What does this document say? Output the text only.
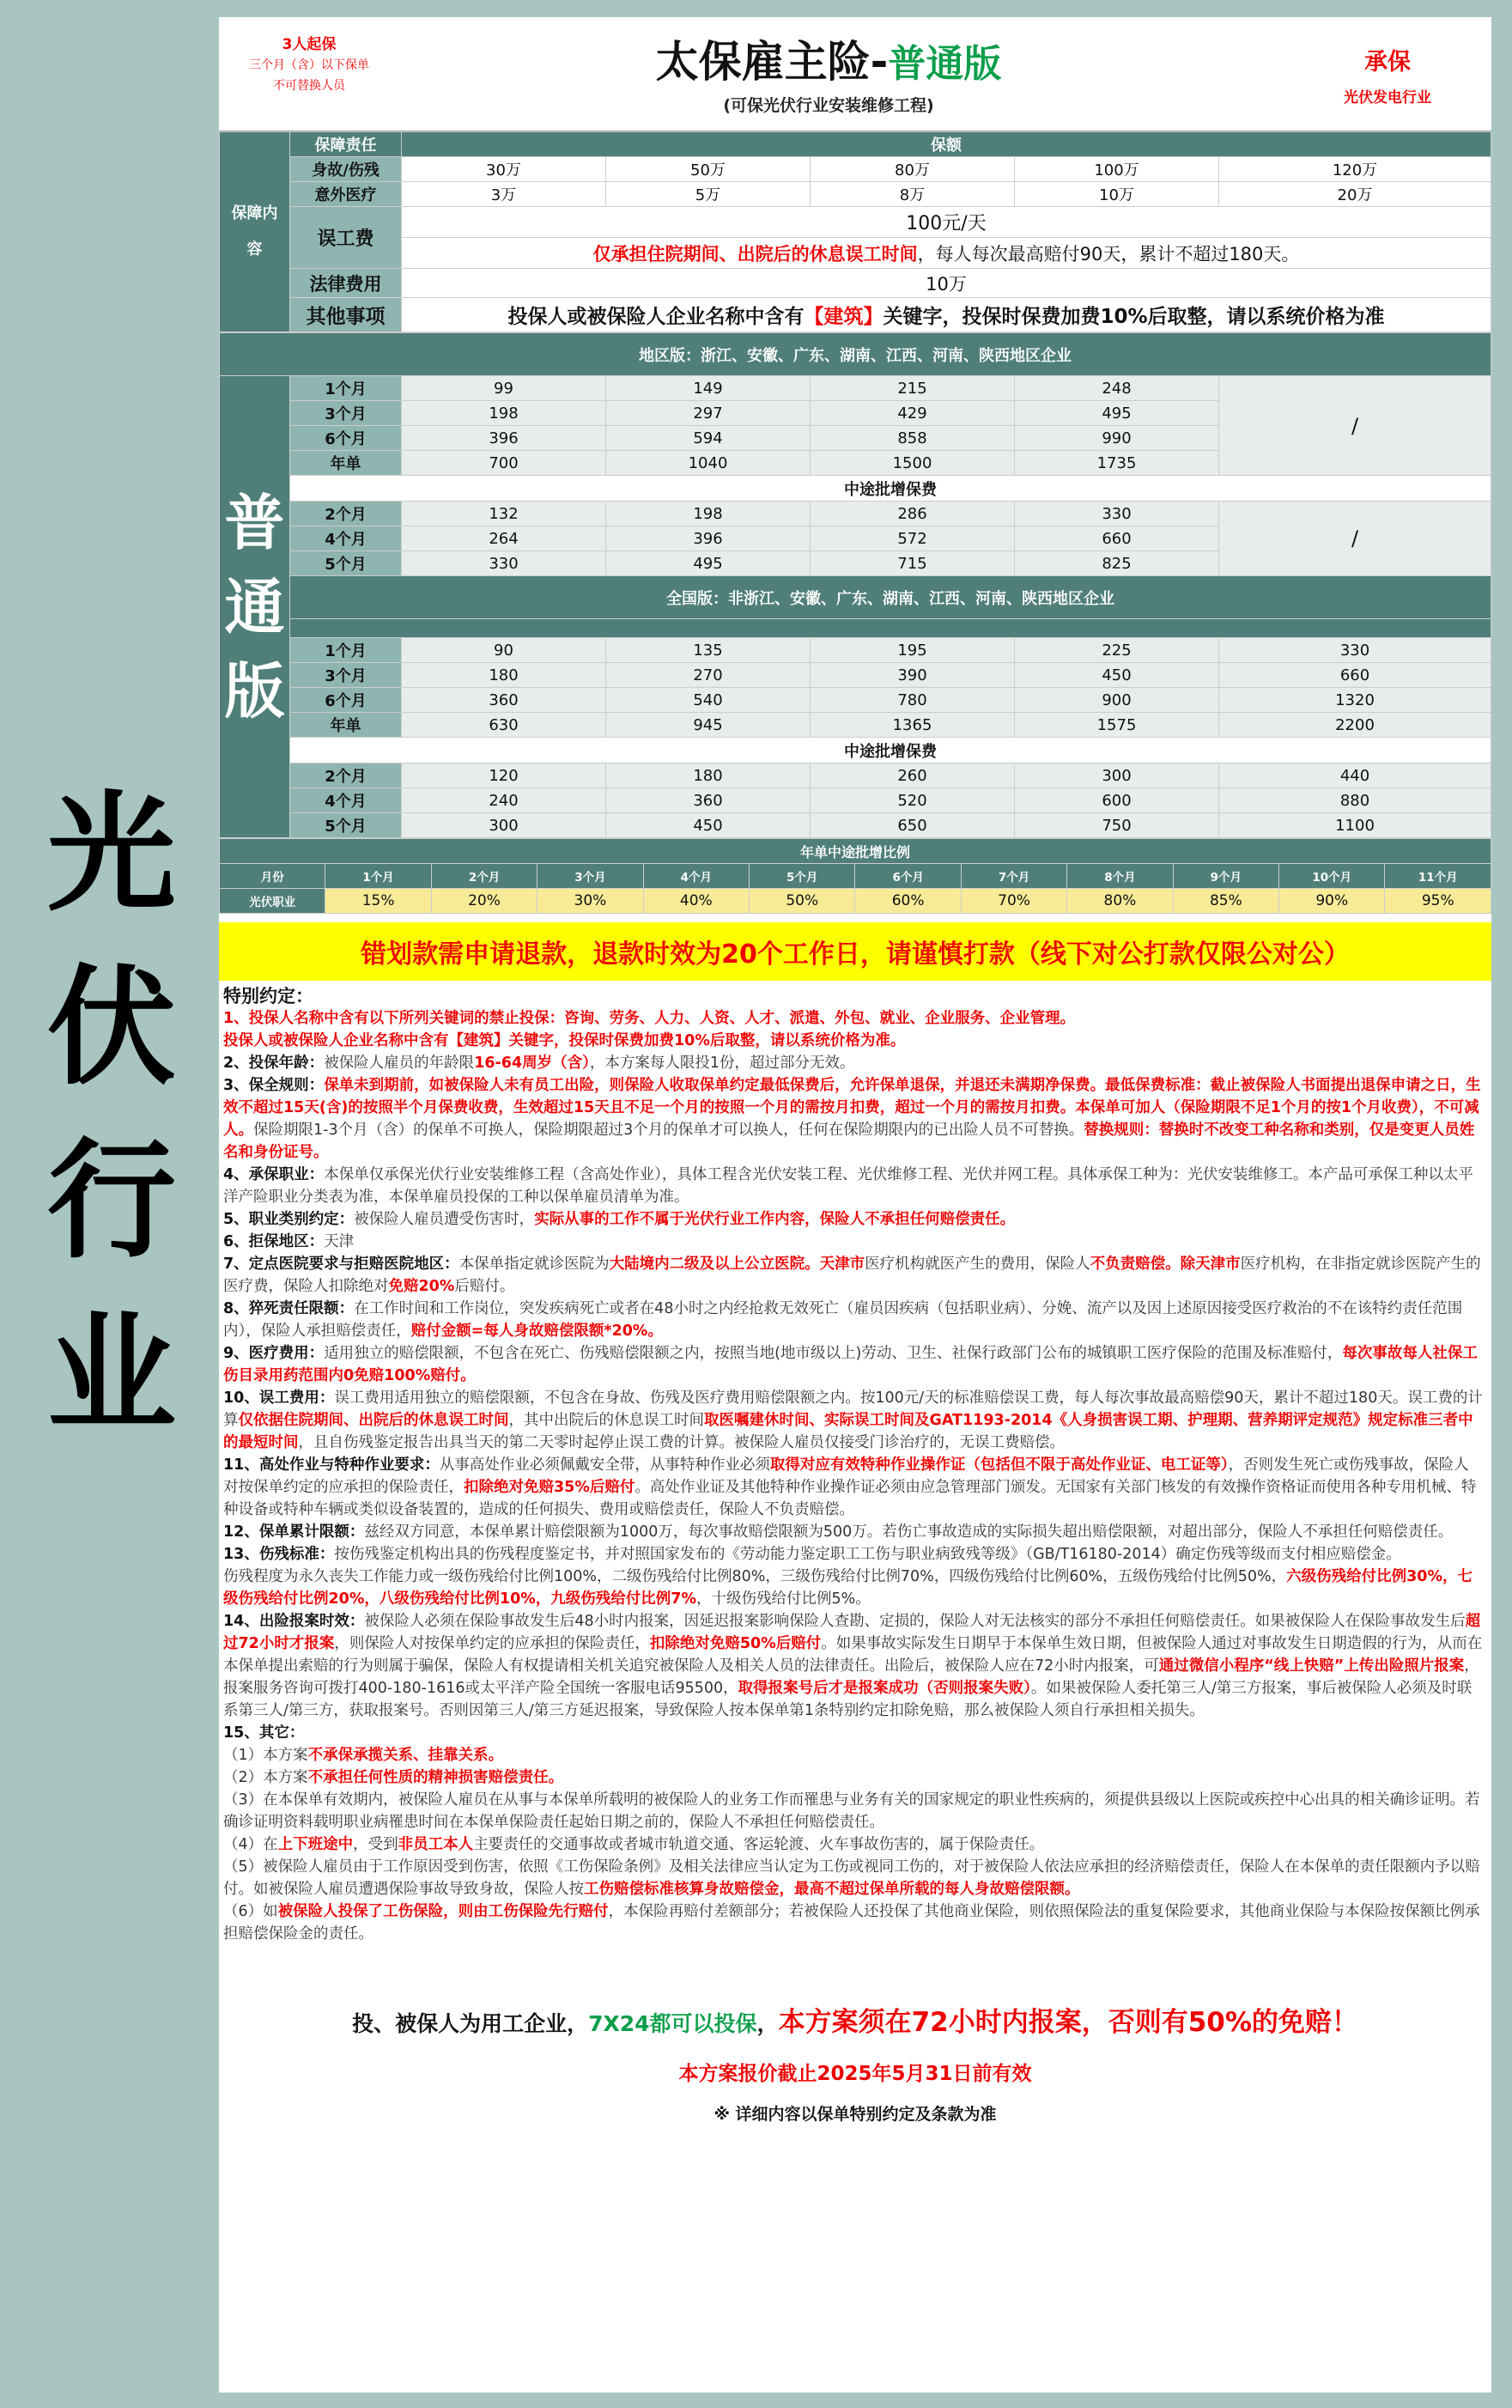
光
伏
行
业
3人起保
三个月（含）以下保单
不可替换人员	太保雇主险-普通版
(可保光伏行业安装维修工程)
承保
光伏发电行业
保障内容	保障责任	保额				
	身故/伤残	30万	50万	80万	100万	120万
	意外医疗	3万	5万	8万	10万	20万
	误工费	100元/天				
		仅承担住院期间、出院后的休息误工时间，每人每次最高赔付90天，累计不超过180天。				
	法律费用	10万				
	其他事项	投保人或被保险人企业名称中含有【建筑】关键字，投保时保费加费10%后取整，请以系统价格为准				
地区版：浙江、安徽、广东、湖南、江西、河南、陕西地区企业						

普
通
版	1个月	99	149	215	248	/
	3个月	198	297	429	495	
	6个月	396	594	858	990	
	年单	700	1040	1500	1735	
	中途批增保费					
	2个月	132	198	286	330	/
	4个月	264	396	572	660	
	5个月	330	495	715	825	
	全国版：非浙江、安徽、广东、湖南、江西、河南、陕西地区企业					

	1个月	90	135	195	225	330
	3个月	180	270	390	450	660
	6个月	360	540	780	900	1320
	年单	630	945	1365	1575	2200
	中途批增保费					
	2个月	120	180	260	300	440
	4个月	240	360	520	600	880
	5个月	300	450	650	750	1100
年单中途批增比例											
月份	1个月	2个月	3个月	4个月	5个月	6个月	7个月	8个月	9个月	10个月	11个月
光伏职业	15%	20%	30%	40%	50%	60%	70%	80%	85%	90%	95%
错划款需申请退款，退款时效为20个工作日，请谨慎打款（线下对公打款仅限公对公）
特别约定：
1、投保人名称中含有以下所列关键词的禁止投保：咨询、劳务、人力、人资、人才、派遣、外包、就业、企业服务、企业管理。
投保人或被保险人企业名称中含有【建筑】关键字，投保时保费加费10%后取整，请以系统价格为准。
2、投保年龄：被保险人雇员的年龄限16-64周岁（含），本方案每人限投1份，超过部分无效。
3、保全规则：保单未到期前，如被保险人未有员工出险，则保险人收取保单约定最低保费后，允许保单退保，并退还未满期净保费。最低保费标准：截止被保险人书面提出退保申请之日，生效不超过15天(含)的按照半个月保费收费，生效超过15天且不足一个月的按照一个月的需按月扣费，超过一个月的需按月扣费。本保单可加人（保险期限不足1个月的按1个月收费），不可减人。保险期限1-3个月（含）的保单不可换人，保险期限超过3个月的保单才可以换人，任何在保险期限内的已出险人员不可替换。替换规则：替换时不改变工种名称和类别，仅是变更人员姓名和身份证号。
4、承保职业：本保单仅承保光伏行业安装维修工程（含高处作业），具体工程含光伏安装工程、光伏维修工程、光伏并网工程。具体承保工种为：光伏安装维修工。本产品可承保工种以太平洋产险职业分类表为准，本保单雇员投保的工种以保单雇员清单为准。
5、职业类别约定：被保险人雇员遭受伤害时，实际从事的工作不属于光伏行业工作内容，保险人不承担任何赔偿责任。
6、拒保地区：天津
7、定点医院要求与拒赔医院地区：本保单指定就诊医院为大陆境内二级及以上公立医院。天津市医疗机构就医产生的费用，保险人不负责赔偿。除天津市医疗机构，在非指定就诊医院产生的医疗费，保险人扣除绝对免赔20%后赔付。
8、猝死责任限额：在工作时间和工作岗位，突发疾病死亡或者在48小时之内经抢救无效死亡（雇员因疾病（包括职业病）、分娩、流产以及因上述原因接受医疗救治的不在该特约责任范围内），保险人承担赔偿责任，赔付金额=每人身故赔偿限额*20%。
9、医疗费用：适用独立的赔偿限额，不包含在死亡、伤残赔偿限额之内，按照当地(地市级以上)劳动、卫生、社保行政部门公布的城镇职工医疗保险的范围及标准赔付，每次事故每人社保工伤目录用药范围内0免赔100%赔付。
10、误工费用：误工费用适用独立的赔偿限额，不包含在身故、伤残及医疗费用赔偿限额之内。按100元/天的标准赔偿误工费，每人每次事故最高赔偿90天，累计不超过180天。误工费的计算仅依据住院期间、出院后的休息误工时间，其中出院后的休息误工时间取医嘱建休时间、实际误工时间及GAT1193-2014《人身损害误工期、护理期、营养期评定规范》规定标准三者中的最短时间，且自伤残鉴定报告出具当天的第二天零时起停止误工费的计算。被保险人雇员仅接受门诊治疗的，无误工费赔偿。
11、高处作业与特种作业要求：从事高处作业必须佩戴安全带，从事特种作业必须取得对应有效特种作业操作证（包括但不限于高处作业证、电工证等），否则发生死亡或伤残事故，保险人对按保单约定的应承担的保险责任，扣除绝对免赔35%后赔付。高处作业证及其他特种作业操作证必须由应急管理部门颁发。无国家有关部门核发的有效操作资格证而使用各种专用机械、特种设备或特种车辆或类似设备装置的，造成的任何损失、费用或赔偿责任，保险人不负责赔偿。
12、保单累计限额：兹经双方同意，本保单累计赔偿限额为1000万，每次事故赔偿限额为500万。若伤亡事故造成的实际损失超出赔偿限额，对超出部分，保险人不承担任何赔偿责任。
13、伤残标准：按伤残鉴定机构出具的伤残程度鉴定书，并对照国家发布的《劳动能力鉴定职工工伤与职业病致残等级》（GB/T16180-2014）确定伤残等级而支付相应赔偿金。
伤残程度为永久丧失工作能力或一级伤残给付比例100%，二级伤残给付比例80%，三级伤残给付比例70%，四级伤残给付比例60%，五级伤残给付比例50%，六级伤残给付比例30%，七级伤残给付比例20%，八级伤残给付比例10%，九级伤残给付比例7%，十级伤残给付比例5%。
14、出险报案时效：被保险人必须在保险事故发生后48小时内报案，因延迟报案影响保险人查勘、定损的，保险人对无法核实的部分不承担任何赔偿责任。如果被保险人在保险事故发生后超过72小时才报案，则保险人对按保单约定的应承担的保险责任，扣除绝对免赔50%后赔付。如果事故实际发生日期早于本保单生效日期，但被保险人通过对事故发生日期造假的行为，从而在本保单提出索赔的行为则属于骗保，保险人有权提请相关机关追究被保险人及相关人员的法律责任。出险后，被保险人应在72小时内报案，可通过微信小程序“线上快赔”上传出险照片报案，报案服务咨询可拨打400-180-1616或太平洋产险全国统一客服电话95500，取得报案号后才是报案成功（否则报案失败）。如果被保险人委托第三人/第三方报案，事后被保险人必须及时联系第三人/第三方，获取报案号。否则因第三人/第三方延迟报案，导致保险人按本保单第1条特别约定扣除免赔，那么被保险人须自行承担相关损失。
15、其它：
（1）本方案不承保承揽关系、挂靠关系。
（2）本方案不承担任何性质的精神损害赔偿责任。
（3）在本保单有效期内，被保险人雇员在从事与本保单所载明的被保险人的业务工作而罹患与业务有关的国家规定的职业性疾病的，须提供县级以上医院或疾控中心出具的相关确诊证明。若确诊证明资料载明职业病罹患时间在本保单保险责任起始日期之前的，保险人不承担任何赔偿责任。
（4）在上下班途中，受到非员工本人主要责任的交通事故或者城市轨道交通、客运轮渡、火车事故伤害的，属于保险责任。
（5）被保险人雇员由于工作原因受到伤害，依照《工伤保险条例》及相关法律应当认定为工伤或视同工伤的，对于被保险人依法应承担的经济赔偿责任，保险人在本保单的责任限额内予以赔付。如被保险人雇员遭遇保险事故导致身故，保险人按工伤赔偿标准核算身故赔偿金，最高不超过保单所载的每人身故赔偿限额。
（6）如被保险人投保了工伤保险，则由工伤保险先行赔付，本保险再赔付差额部分；若被保险人还投保了其他商业保险，则依照保险法的重复保险要求，其他商业保险与本保险按保额比例承担赔偿保险金的责任。
投、被保人为用工企业，7X24都可以投保，本方案须在72小时内报案，否则有50%的免赔！
本方案报价截止2025年5月31日前有效
※ 详细内容以保单特别约定及条款为准
